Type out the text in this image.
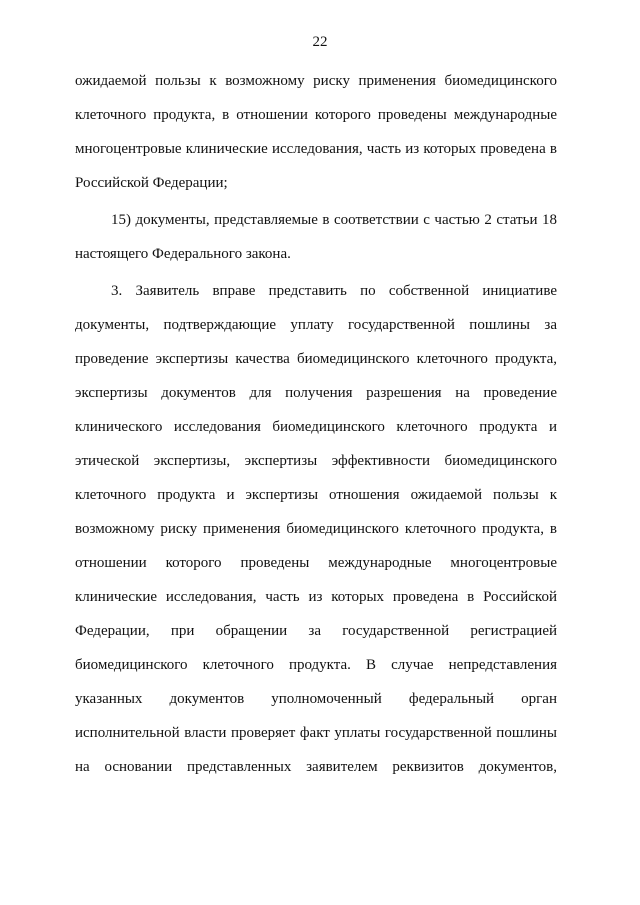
22
ожидаемой пользы к возможному риску применения биомедицинского
клеточного продукта, в отношении которого проведены международные
многоцентровые клинические исследования, часть из которых проведена в
Российской Федерации;
15) документы, представляемые в соответствии с частью 2 статьи 18
настоящего Федерального закона.
3. Заявитель вправе представить по собственной инициативе
документы, подтверждающие уплату государственной пошлины за
проведение экспертизы качества биомедицинского клеточного продукта,
экспертизы документов для получения разрешения на проведение
клинического исследования биомедицинского клеточного продукта и
этической экспертизы, экспертизы эффективности биомедицинского
клеточного продукта и экспертизы отношения ожидаемой пользы к
возможному риску применения биомедицинского клеточного продукта, в
отношении которого проведены международные многоцентровые
клинические исследования, часть из которых проведена в Российской
Федерации, при обращении за государственной регистрацией
биомедицинского клеточного продукта. В случае непредставления
указанных документов уполномоченный федеральный орган
исполнительной власти проверяет факт уплаты государственной пошлины
на основании представленных заявителем реквизитов документов,
